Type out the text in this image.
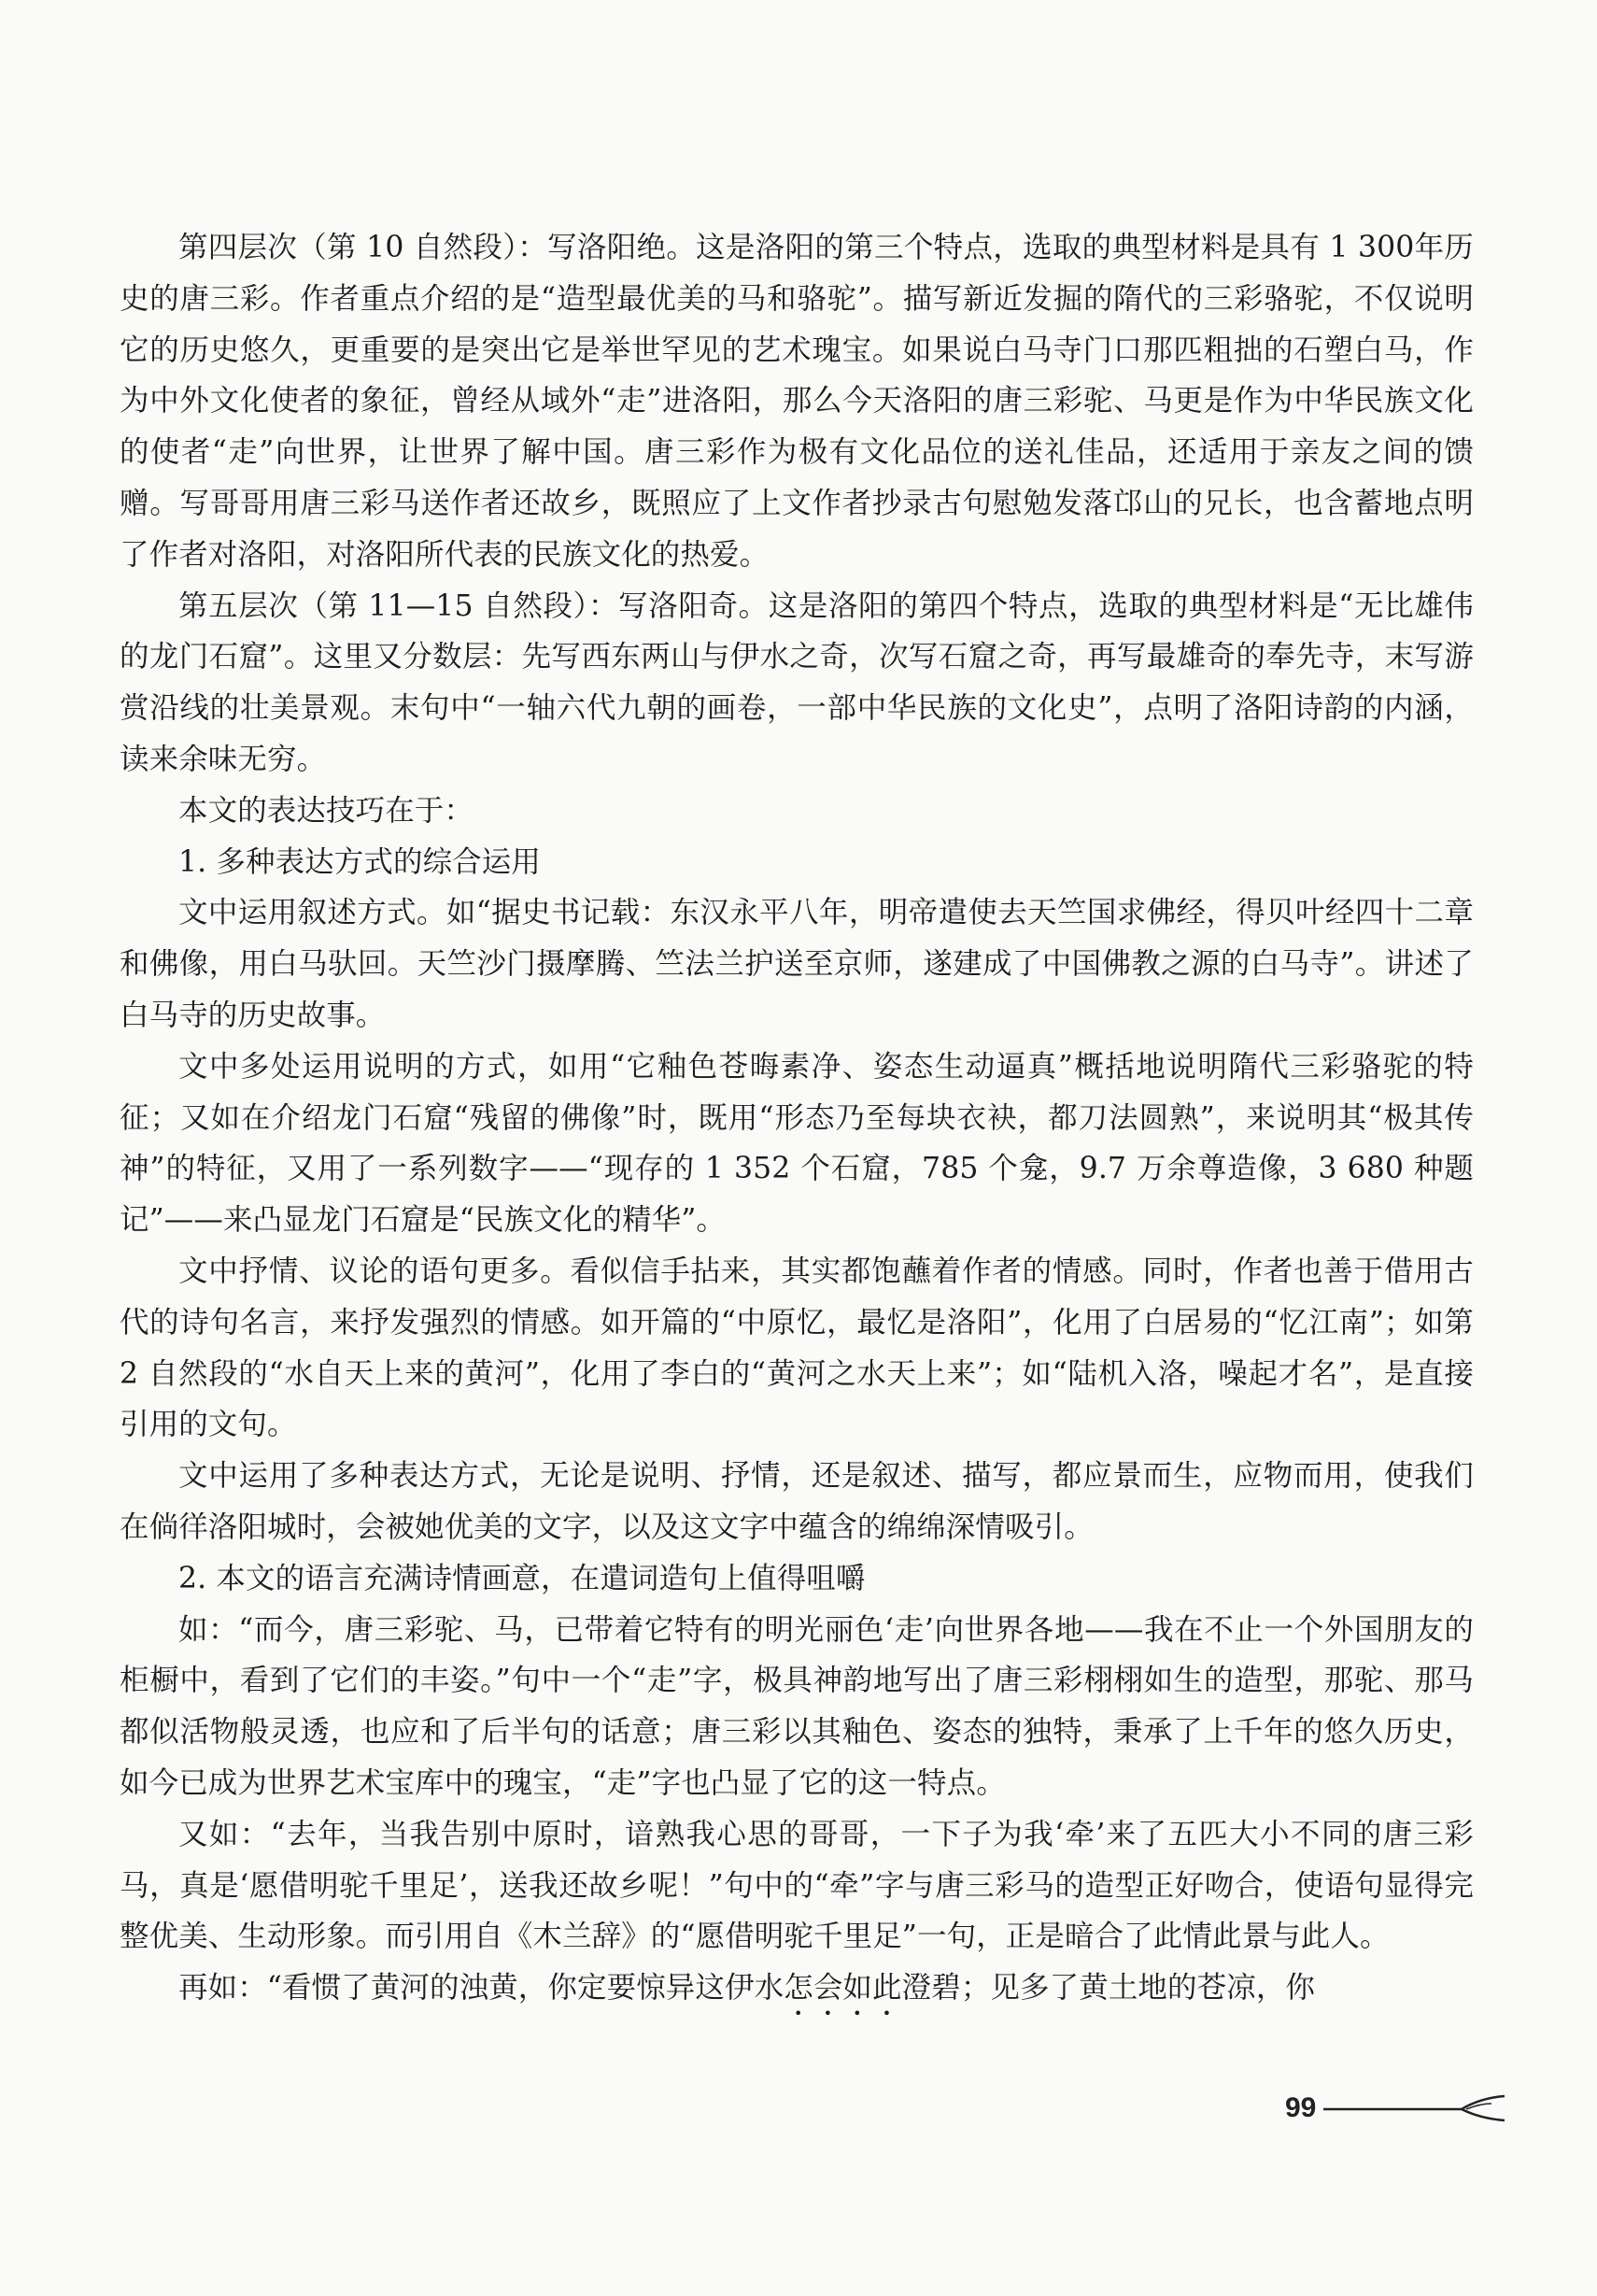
第四层次（第 10 自然段）：写洛阳绝。这是洛阳的第三个特点，选取的典型材料是具有 1 300年历史的唐三彩。作者重点介绍的是“造型最优美的马和骆驼”。描写新近发掘的隋代的三彩骆驼，不仅说明它的历史悠久，更重要的是突出它是举世罕见的艺术瑰宝。如果说白马寺门口那匹粗拙的石塑白马，作为中外文化使者的象征，曾经从域外“走”进洛阳，那么今天洛阳的唐三彩驼、马更是作为中华民族文化的使者“走”向世界，让世界了解中国。唐三彩作为极有文化品位的送礼佳品，还适用于亲友之间的馈赠。写哥哥用唐三彩马送作者还故乡，既照应了上文作者抄录古句慰勉发落邙山的兄长，也含蓄地点明了作者对洛阳，对洛阳所代表的民族文化的热爱。

第五层次（第 11—15 自然段）：写洛阳奇。这是洛阳的第四个特点，选取的典型材料是“无比雄伟的龙门石窟”。这里又分数层：先写西东两山与伊水之奇，次写石窟之奇，再写最雄奇的奉先寺，末写游赏沿线的壮美景观。末句中“一轴六代九朝的画卷，一部中华民族的文化史”，点明了洛阳诗韵的内涵，读来余味无穷。

本文的表达技巧在于：

1. 多种表达方式的综合运用

文中运用叙述方式。如“据史书记载：东汉永平八年，明帝遣使去天竺国求佛经，得贝叶经四十二章和佛像，用白马驮回。天竺沙门摄摩腾、竺法兰护送至京师，遂建成了中国佛教之源的白马寺”。讲述了白马寺的历史故事。

文中多处运用说明的方式，如用“它釉色苍晦素净、姿态生动逼真”概括地说明隋代三彩骆驼的特征；又如在介绍龙门石窟“残留的佛像”时，既用“形态乃至每块衣袂，都刀法圆熟”，来说明其“极其传神”的特征，又用了一系列数字——“现存的 1 352 个石窟，785 个龛，9.7 万余尊造像，3 680 种题记”——来凸显龙门石窟是“民族文化的精华”。

文中抒情、议论的语句更多。看似信手拈来，其实都饱蘸着作者的情感。同时，作者也善于借用古代的诗句名言，来抒发强烈的情感。如开篇的“中原忆，最忆是洛阳”，化用了白居易的“忆江南”；如第 2 自然段的“水自天上来的黄河”，化用了李白的“黄河之水天上来”；如“陆机入洛，噪起才名”，是直接引用的文句。

文中运用了多种表达方式，无论是说明、抒情，还是叙述、描写，都应景而生，应物而用，使我们在倘徉洛阳城时，会被她优美的文字，以及这文字中蕴含的绵绵深情吸引。

2. 本文的语言充满诗情画意，在遣词造句上值得咀嚼

如：“而今，唐三彩驼、马，已带着它特有的明光丽色‘走’向世界各地——我在不止一个外国朋友的柜橱中，看到了它们的丰姿。”句中一个“走”字，极具神韵地写出了唐三彩栩栩如生的造型，那驼、那马都似活物般灵透，也应和了后半句的话意；唐三彩以其釉色、姿态的独特，秉承了上千年的悠久历史，如今已成为世界艺术宝库中的瑰宝，“走”字也凸显了它的这一特点。

又如：“去年，当我告别中原时，谙熟我心思的哥哥，一下子为我‘牵’来了五匹大小不同的唐三彩马，真是‘愿借明驼千里足’，送我还故乡呢！”句中的“牵”字与唐三彩马的造型正好吻合，使语句显得完整优美、生动形象。而引用自《木兰辞》的“愿借明驼千里足”一句，正是暗合了此情此景与此人。

再如：“看惯了黄河的浊黄，你定要惊异这伊水怎会如此澄碧；见多了黄土地的苍凉，你

99
